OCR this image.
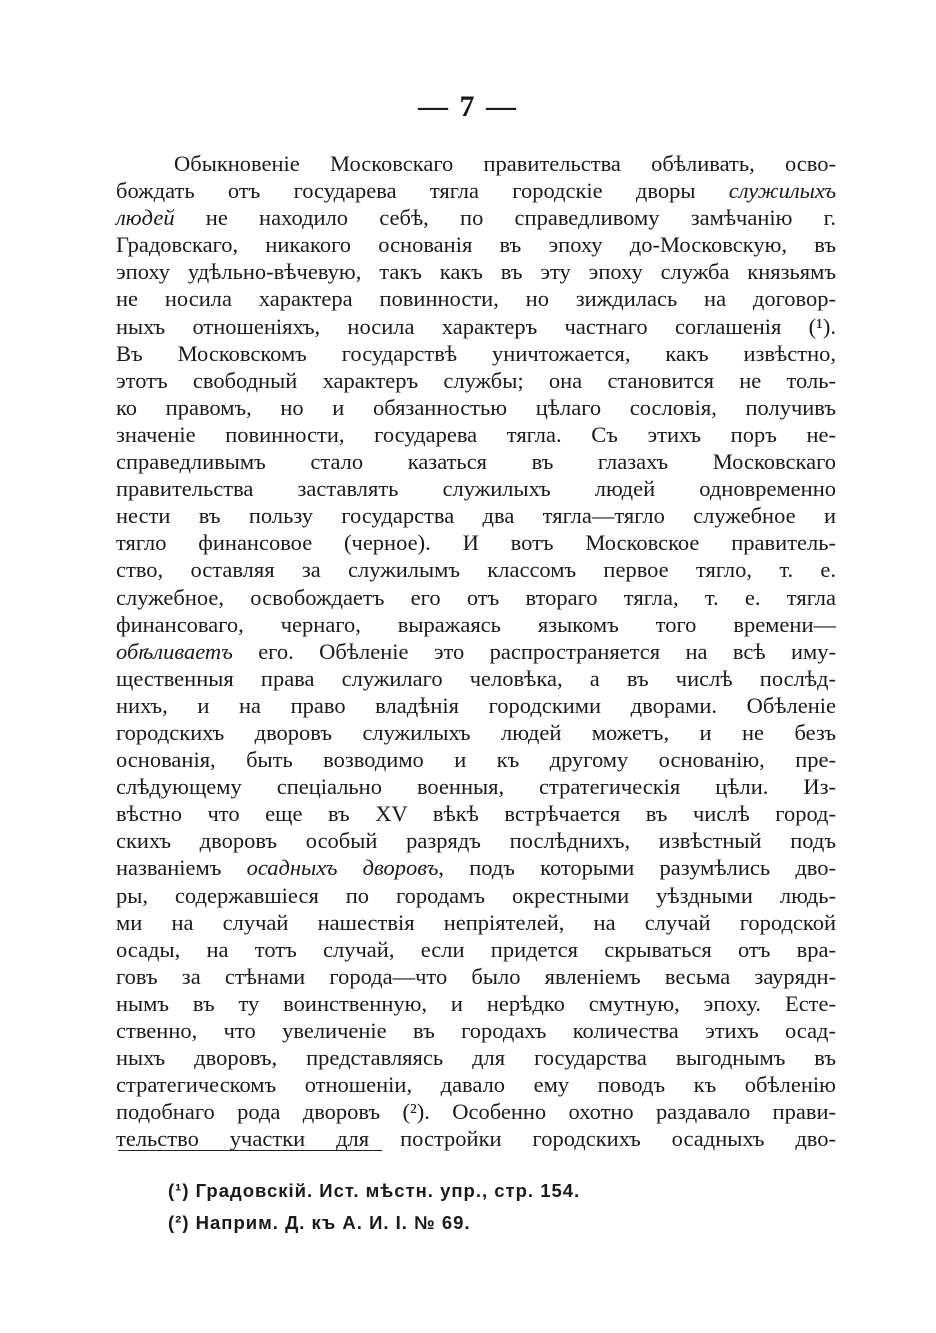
— 7 —
Обыкновеніе Московскаго правительства обѣливать, осво-
бождать отъ государева тягла городскіе дворы служилыхъ
людей не находило себѣ, по справедливому замѣчанію г.
Градовскаго, никакого основанія въ эпоху до-Московскую, въ
эпоху удѣльно-вѣчевую, такъ какъ въ эту эпоху служба князьямъ
не носила характера повинности, но зиждилась на договор-
ныхъ отношеніяхъ, носила характеръ частнаго соглашенія (¹).
Въ Московскомъ государствѣ уничтожается, какъ извѣстно,
этотъ свободный характеръ службы; она становится не толь-
ко правомъ, но и обязанностью цѣлаго сословія, получивъ
значеніе повинности, государева тягла. Съ этихъ поръ не-
справедливымъ стало казаться въ глазахъ Московскаго
правительства заставлять служилыхъ людей одновременно
нести въ пользу государства два тягла—тягло служебное и
тягло финансовое (черное). И вотъ Московское правитель-
ство, оставляя за служилымъ классомъ первое тягло, т. е.
служебное, освобождаетъ его отъ втораго тягла, т. е. тягла
финансоваго, чернаго, выражаясь языкомъ того времени—
обѣливаетъ его. Обѣленіе это распространяется на всѣ иму-
щественныя права служилаго человѣка, а въ числѣ послѣд-
нихъ, и на право владѣнія городскими дворами. Обѣленіе
городскихъ дворовъ служилыхъ людей можетъ, и не безъ
основанія, быть возводимо и къ другому основанію, пре-
слѣдующему спеціально военныя, стратегическія цѣли. Из-
вѣстно что еще въ XV вѣкѣ встрѣчается въ числѣ город-
скихъ дворовъ особый разрядъ послѣднихъ, извѣстный подъ
названіемъ осадныхъ дворовъ, подъ которыми разумѣлись дво-
ры, содержавшіеся по городамъ окрестными уѣздными людь-
ми на случай нашествія непріятелей, на случай городской
осады, на тотъ случай, если придется скрываться отъ вра-
говъ за стѣнами города—что было явленіемъ весьма заурядн-
нымъ въ ту воинственную, и нерѣдко смутную, эпоху. Есте-
ственно, что увеличеніе въ городахъ количества этихъ осад-
ныхъ дворовъ, представляясь для государства выгоднымъ въ
стратегическомъ отношеніи, давало ему поводъ къ обѣленію
подобнаго рода дворовъ (²). Особенно охотно раздавало прави-
тельство участки для постройки городскихъ осадныхъ дво-
(¹) Градовскій. Ист. мѣстн. упр., стр. 154.
(²) Наприм. Д. къ А. И. I. № 69.
